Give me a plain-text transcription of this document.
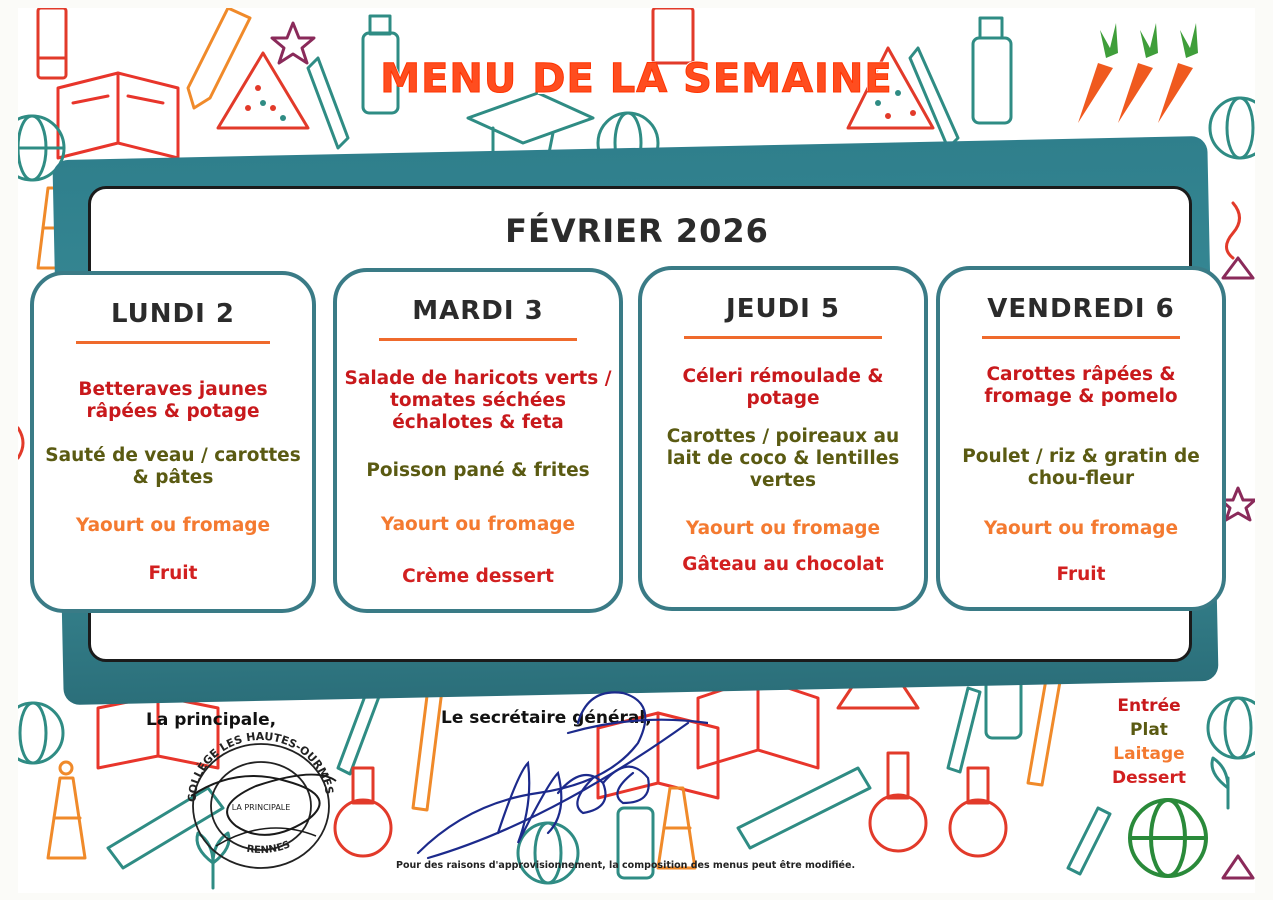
MENU DE LA SEMAINE
FÉVRIER 2026
LUNDI 2
Betteraves jaunes râpées & potage
Sauté de veau / carottes & pâtes
Yaourt ou fromage
Fruit
MARDI 3
Salade de haricots verts / tomates séchées échalotes & feta
Poisson pané & frites
Yaourt ou fromage
Crème dessert
JEUDI 5
Céleri rémoulade & potage
Carottes / poireaux au lait de coco & lentilles vertes
Yaourt ou fromage
Gâteau au chocolat
VENDREDI 6
Carottes râpées & fromage & pomelo
Poulet / riz & gratin de chou-fleur
Yaourt ou fromage
Fruit
La principale,	Le secrétaire général,
COLLÈGE LES HAUTES-OURMES
LA PRINCIPALE
RENNES
Entrée
Plat
Laitage
Dessert
Pour des raisons d'approvisionnement, la composition des menus peut être modifiée.
